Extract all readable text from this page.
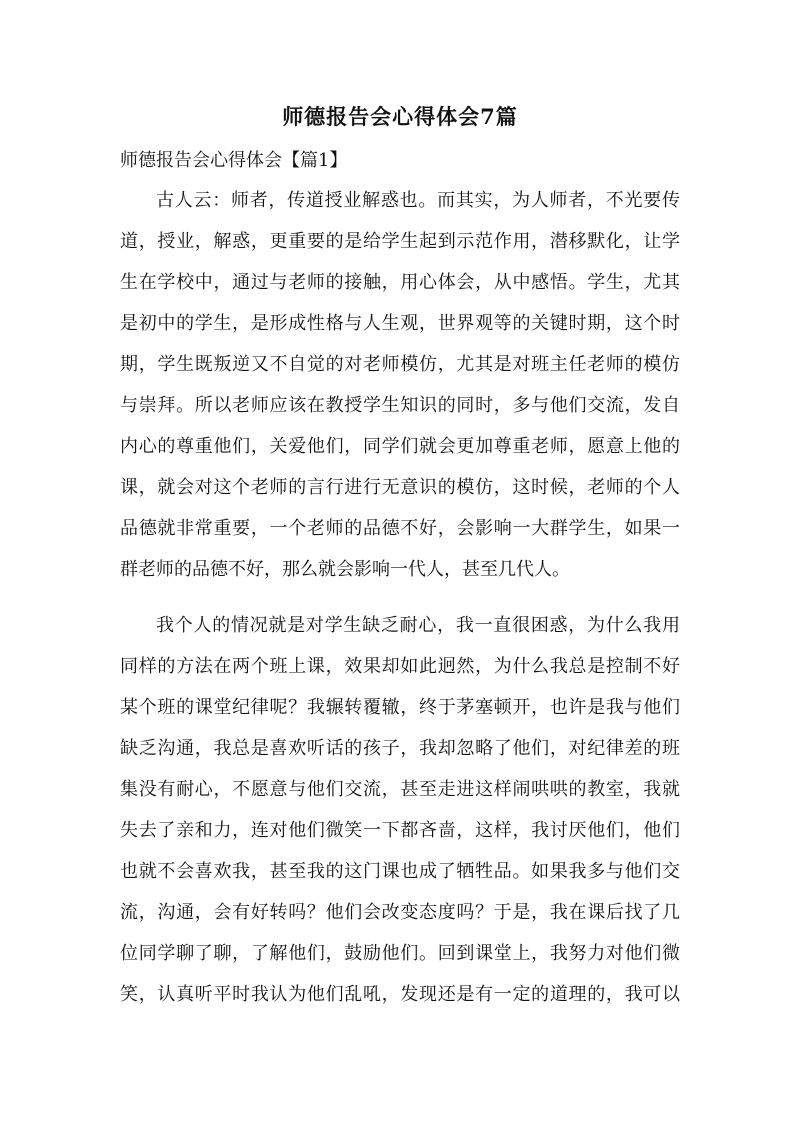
师德报告会心得体会7篇
师德报告会心得体会【篇1】
古人云：师者，传道授业解惑也。而其实，为人师者，不光要传
道，授业，解惑，更重要的是给学生起到示范作用，潜移默化，让学
生在学校中，通过与老师的接触，用心体会，从中感悟。学生，尤其
是初中的学生，是形成性格与人生观，世界观等的关键时期，这个时
期，学生既叛逆又不自觉的对老师模仿，尤其是对班主任老师的模仿
与崇拜。所以老师应该在教授学生知识的同时，多与他们交流，发自
内心的尊重他们，关爱他们，同学们就会更加尊重老师，愿意上他的
课，就会对这个老师的言行进行无意识的模仿，这时候，老师的个人
品德就非常重要，一个老师的品德不好，会影响一大群学生，如果一
群老师的品德不好，那么就会影响一代人，甚至几代人。
我个人的情况就是对学生缺乏耐心，我一直很困惑，为什么我用
同样的方法在两个班上课，效果却如此迥然，为什么我总是控制不好
某个班的课堂纪律呢？我辗转覆辙，终于茅塞顿开，也许是我与他们
缺乏沟通，我总是喜欢听话的孩子，我却忽略了他们，对纪律差的班
集没有耐心，不愿意与他们交流，甚至走进这样闹哄哄的教室，我就
失去了亲和力，连对他们微笑一下都吝啬，这样，我讨厌他们，他们
也就不会喜欢我，甚至我的这门课也成了牺牲品。如果我多与他们交
流，沟通，会有好转吗？他们会改变态度吗？于是，我在课后找了几
位同学聊了聊，了解他们，鼓励他们。回到课堂上，我努力对他们微
笑，认真听平时我认为他们乱吼，发现还是有一定的道理的，我可以
